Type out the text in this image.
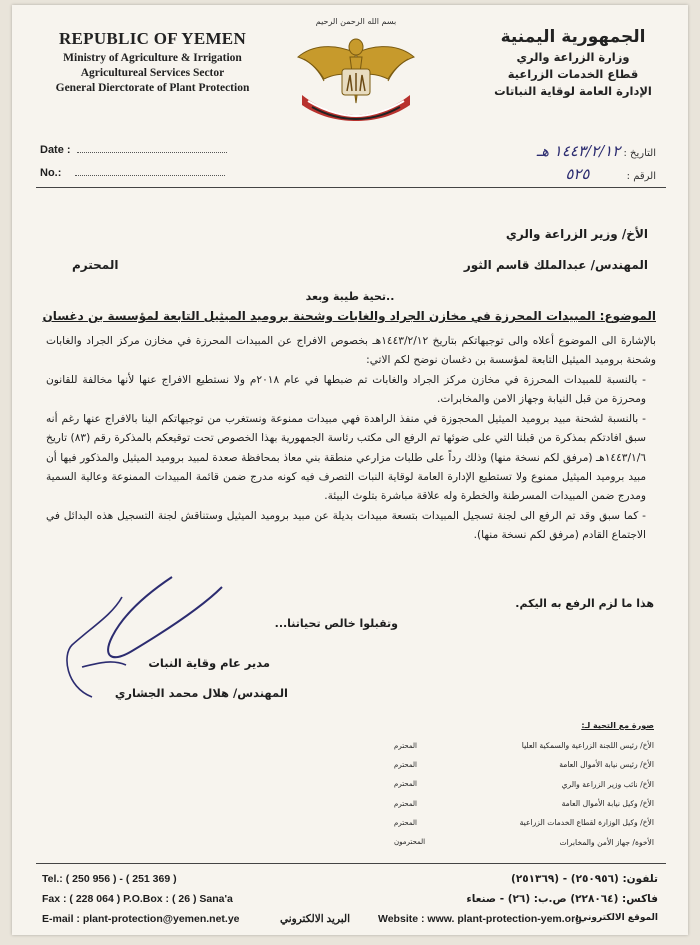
REPUBLIC OF YEMEN
Ministry of Agriculture & Irrigation
Agricultureal Services Sector
General Dierctorate of Plant Protection
بسم الله الرحمن الرحيم
الجمهورية اليمنية
وزارة الزراعة والري
قطاع الخدمات الزراعية
الإدارة العامة لوقاية النباتات
Date :
No.:
التاريخ : ١٤٤٣/٢/١٢ هـ
الرقم : ٥٢٥
الأخ/ وزير الزراعة والري
المهندس/ عبدالملك قاسم الثور
المحترم
تحية طيبة وبعد..
الموضوع: المبيدات المحرزة في مخازن الجراد والغابات وشحنة بروميد الميثيل التابعة لمؤسسة بن دغسان

بالإشارة الى الموضوع أعلاه والى توجيهاتكم بتاريخ ١٤٤٣/٢/١٢هـ بخصوص الافراج عن المبيدات المحرزة في مخازن مركز الجراد والغابات وشحنة بروميد الميثيل التابعة لمؤسسة بن دغسان نوضح لكم الاتي:

- بالنسبة للمبيدات المحرزة في مخازن مركز الجراد والغابات تم ضبطها في عام ٢٠١٨م ولا نستطيع الافراج عنها لأنها مخالفة للقانون ومحرزة من قبل النيابة وجهاز الامن والمخابرات.

- بالنسبة لشحنة مبيد بروميد الميثيل المحجوزة في منفذ الراهدة فهي مبيدات ممنوعة ونستغرب من توجيهاتكم الينا بالافراج عنها رغم أنه سبق افادتكم بمذكرة من قبلنا التي على ضوئها تم الرفع الى مكتب رئاسة الجمهورية بهذا الخصوص تحت توقيعكم بالمذكرة رقم (٨٣) تاريخ ١٤٤٣/١/٦هـ (مرفق لكم نسخة منها) وذلك رداً على طلبات مزارعي منطقة بني معاذ بمحافظة صعدة لمبيد بروميد الميثيل والمذكور فيها أن مبيد بروميد الميثيل ممنوع ولا تستطيع الإدارة العامة لوقاية النبات التصرف فيه كونه مدرج ضمن قائمة المبيدات الممنوعة وعالية السمية ومدرج ضمن المبيدات المسرطنة والخطرة وله علاقة مباشرة بتلوث البيئة.

- كما سبق وقد تم الرفع الى لجنة تسجيل المبيدات بتسعة مبيدات بديلة عن مبيد بروميد الميثيل وستناقش لجنة التسجيل هذه البدائل في الاجتماع القادم (مرفق لكم نسخة منها).

هذا ما لزم الرفع به اليكم.
وتقبلوا خالص تحياتنا...
مدير عام وقاية النبات
المهندس/ هلال محمد الجشاري
صورة مع التحية لـ:
الأخ/ رئيس اللجنة الزراعية والسمكية العليا
المحترم
الأخ/ رئيس نيابة الأموال العامة
المحترم
الأخ/ نائب وزير الزراعة والري
المحترم
الأخ/ وكيل نيابة الأموال العامة
المحترم
الأخ/ وكيل الوزارة لقطاع الخدمات الزراعية
المحترم
الأخوة/ جهاز الأمن والمخابرات
المحترمون
Tel.: ( 250 956 ) - ( 251 369 )
Fax : ( 228 064 ) P.O.Box : ( 26 ) Sana'a
E-mail : plant-protection@yemen.net.ye	البريد الالكتروني
تلفون: (٢٥٠٩٥٦) - (٢٥١٣٦٩)
فاكس: (٢٢٨٠٦٤) ص.ب: (٢٦) - صنعاء
Website : www. plant-protection-yem.org
الموقع الالكتروني:
